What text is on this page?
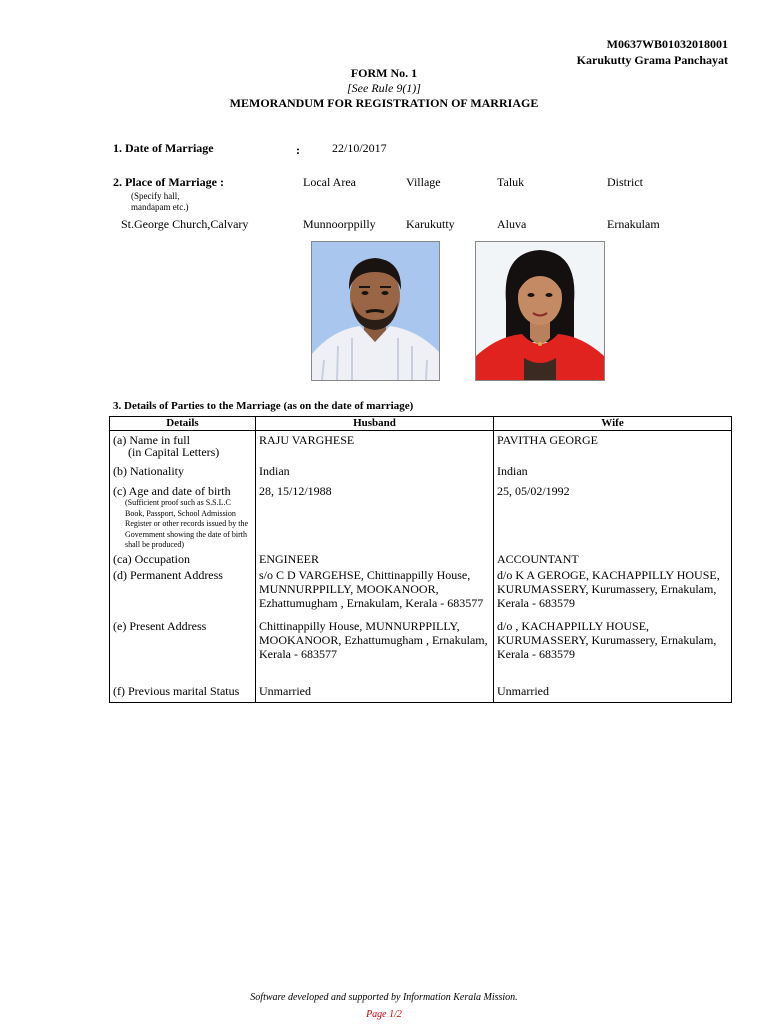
M0637WB01032018001
Karukutty Grama Panchayat
FORM No. 1
[See Rule 9(1)]
MEMORANDUM FOR REGISTRATION OF MARRIAGE
1. Date of Marriage	:	22/10/2017
2. Place of Marriage :
(Specify hall,
mandapam etc.)
Local Area	Village	Taluk	District
St.George Church,Calvary	Munnoorppilly	Karukutty	Aluva	Ernakulam
3. Details of Parties to the Marriage (as on the date of marriage)
Details	Husband	Wife

(a) Name in full
(in Capital Letters)	RAJU VARGHESE	PAVITHA GEORGE
(b) Nationality	Indian	Indian

(c) Age and date of birth
(Sufficient proof such as S.S.L.C Book, Passport, School Admission Register or other records issued by the Government showing the date of birth shall be produced)	28, 15/12/1988	25, 05/02/1992
(ca) Occupation	ENGINEER	ACCOUNTANT
(d) Permanent Address	s/o C D VARGEHSE, Chittinappilly House, MUNNURPPILLY, MOOKANOOR, Ezhattumugham , Ernakulam, Kerala - 683577	d/o K A GEROGE, KACHAPPILLY HOUSE, KURUMASSERY, Kurumassery, Ernakulam, Kerala - 683579
(e) Present Address	Chittinappilly House, MUNNURPPILLY, MOOKANOOR, Ezhattumugham , Ernakulam, Kerala - 683577	d/o , KACHAPPILLY HOUSE, KURUMASSERY, Kurumassery, Ernakulam, Kerala - 683579
(f) Previous marital Status	Unmarried	Unmarried
Software developed and supported by Information Kerala Mission.
Page 1/2
